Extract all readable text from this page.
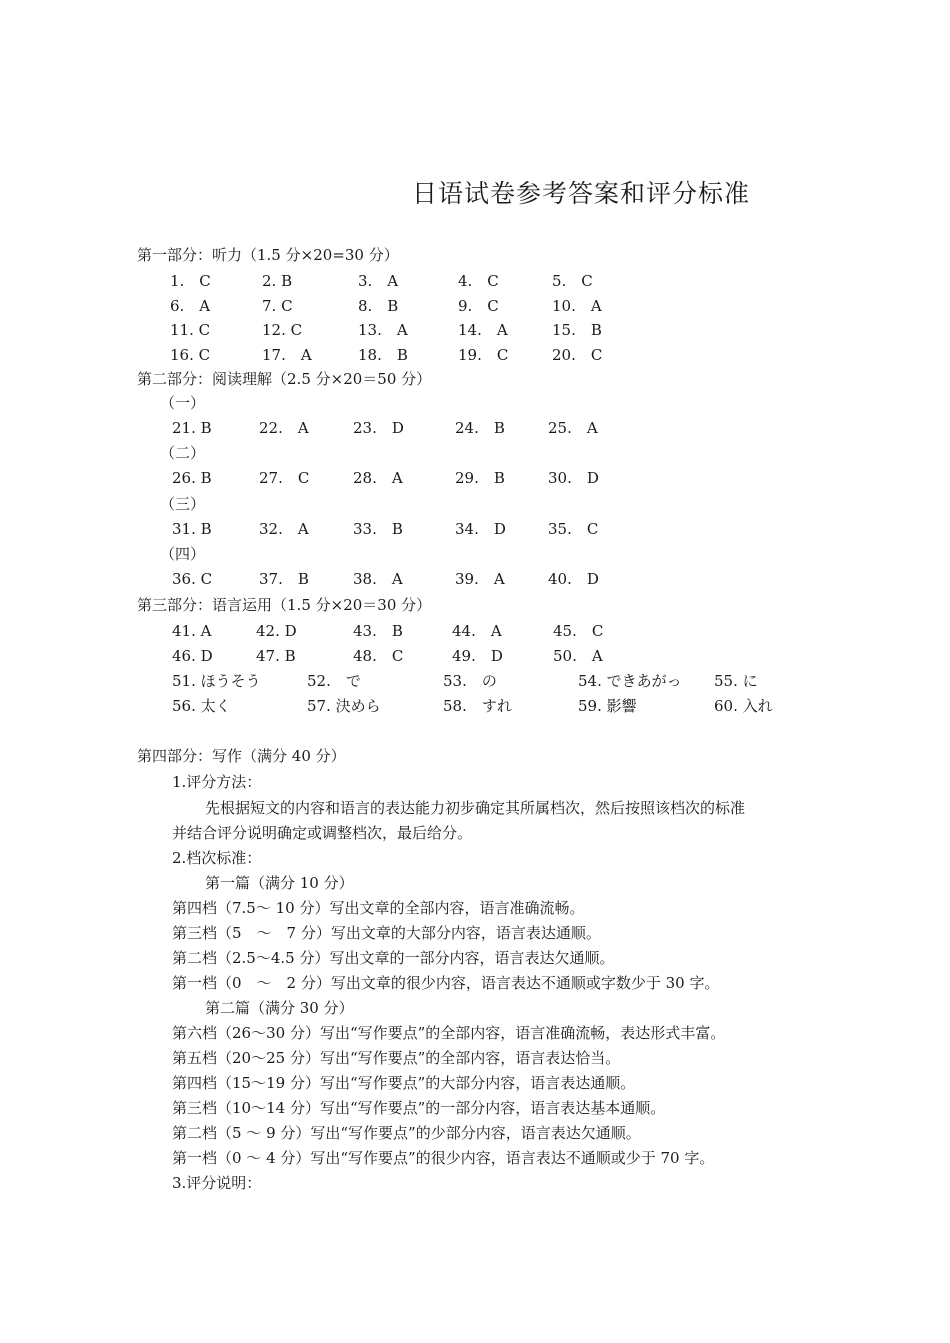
日语试卷参考答案和评分标准
第一部分：听力（1.5 分×20=30 分）
1.　C	2. B	3.　A	4.　C	5.　C
6.　A	7. C	8.　B	9.　C	10.　A
11. C	12. C	13.　A	14.　A	15.　B
16. C	17.　A	18.　B	19.　C	20.　C
第二部分：阅读理解（2.5 分×20＝50 分）
（一）
（二）
（三）
（四）
21. B	22.　A	23.　D	24.　B	25.　A
26. B	27.　C	28.　A	29.　B	30.　D
31. B	32.　A	33.　B	34.　D	35.　C
36. C	37.　B	38.　A	39.　A	40.　D
第三部分：语言运用（1.5 分×20＝30 分）
41. A	42. D	43.　B	44.　A	45.　C
46. D	47. B	48.　C	49.　D	50.　A
51. ほうそう	52.　で	53.　の	54. できあがっ 55. に
56. 太く	57. 決めら	58.　すれ	59. 影響	60. 入れ
第四部分：写作（满分 40 分）
1.评分方法：
先根据短文的内容和语言的表达能力初步确定其所属档次，然后按照该档次的标准
并结合评分说明确定或调整档次，最后给分。
2.档次标准：
第一篇（满分 10 分）
第四档（7.5～ 10 分）写出文章的全部内容，语言准确流畅。
第三档（5　～　7 分）写出文章的大部分内容，语言表达通顺。
第二档（2.5～4.5 分）写出文章的一部分内容，语言表达欠通顺。
第一档（0　～　2 分）写出文章的很少内容，语言表达不通顺或字数少于 30 字。
第二篇（满分 30 分）
第六档（26～30 分）写出“写作要点”的全部内容，语言准确流畅，表达形式丰富。
第五档（20～25 分）写出“写作要点”的全部内容，语言表达恰当。
第四档（15～19 分）写出“写作要点”的大部分内容，语言表达通顺。
第三档（10～14 分）写出“写作要点”的一部分内容，语言表达基本通顺。
第二档（5 ～ 9 分）写出“写作要点”的少部分内容，语言表达欠通顺。
第一档（0 ～ 4 分）写出“写作要点”的很少内容，语言表达不通顺或少于 70 字。
3.评分说明：
